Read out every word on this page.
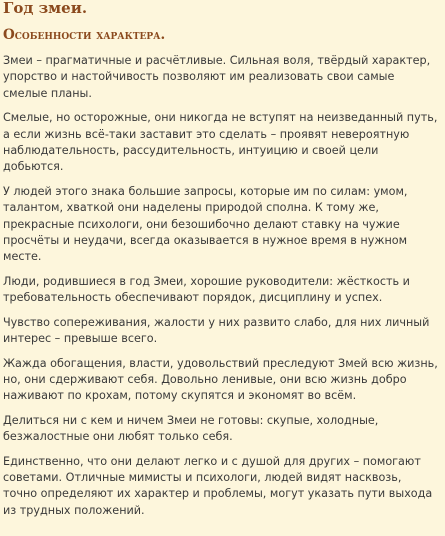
Год змеи.
Особенности характера.

Змеи – прагматичные и расчётливые. Сильная воля, твёрдый характер, упорство и настойчивость позволяют им реализовать свои самые смелые планы.

Смелые, но осторожные, они никогда не вступят на неизведанный путь, а если жизнь всё-таки заставит это сделать – проявят невероятную наблюдательность, рассудительность, интуицию и своей цели добьются.

У людей этого знака большие запросы, которые им по силам: умом, талантом, хваткой они наделены природой сполна. К тому же, прекрасные психологи, они безошибочно делают ставку на чужие просчёты и неудачи, всегда оказывается в нужное время в нужном месте.

Люди, родившиеся в год Змеи, хорошие руководители: жёсткость и требовательность обеспечивают порядок, дисциплину и успех.

Чувство сопереживания, жалости у них развито слабо, для них личный интерес – превыше всего.

Жажда обогащения, власти, удовольствий преследуют Змей всю жизнь, но, они сдерживают себя. Довольно ленивые, они всю жизнь добро наживают по крохам, потому скупятся и экономят во всём.

Делиться ни с кем и ничем Змеи не готовы: скупые, холодные, безжалостные они любят только себя.

Единственно, что они делают легко и с душой для других – помогают советами. Отличные мимисты и психологи, людей видят насквозь, точно определяют их характер и проблемы, могут указать пути выхода из трудных положений.
